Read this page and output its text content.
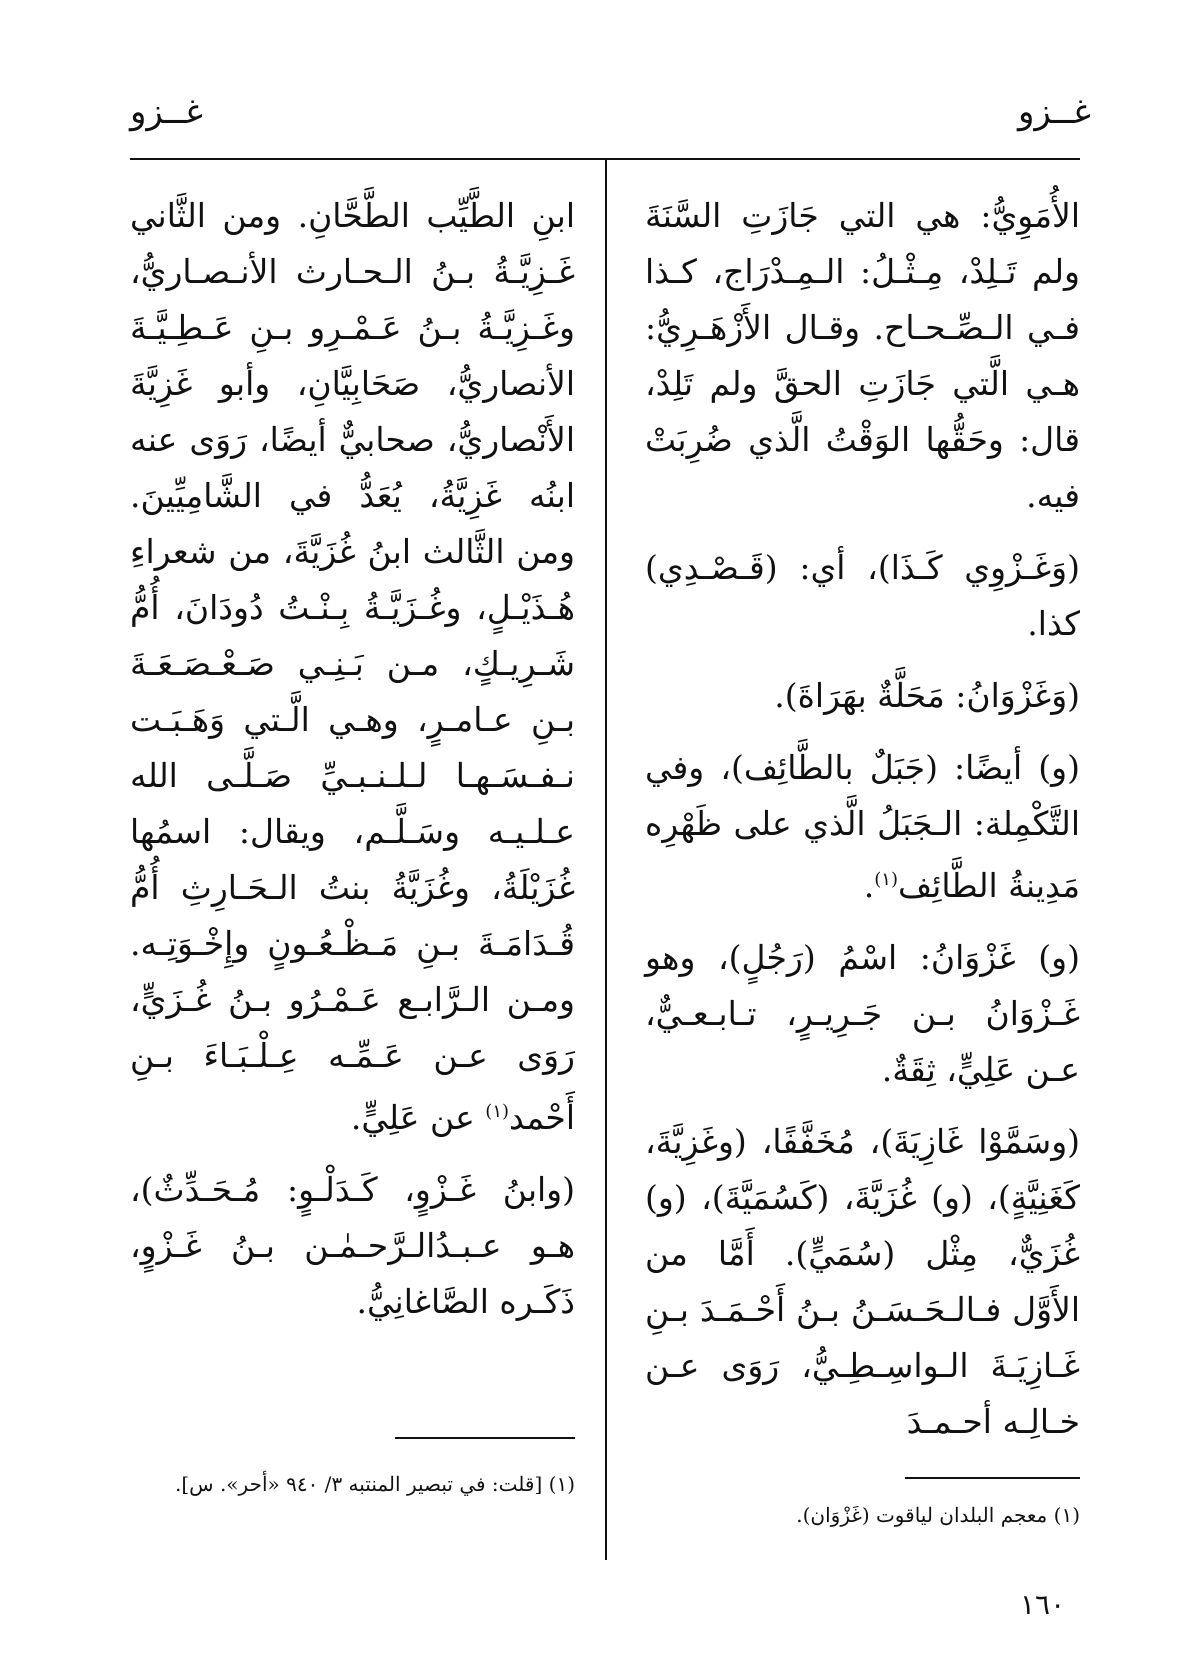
غــزو
غــزو

الأُمَوِيُّ: هي التي جَازَتِ السَّنَةَ ولم تَـلِدْ، مِـثْـلُ: الـمِـدْرَاج، كـذا فـي الـصِّـحـاح. وقـال الأَزْهَـرِيُّ: هـي الَّتي جَازَتِ الحقَّ ولم تَلِدْ، قال: وحَقُّها الوَقْتُ الَّذي ضُرِبَتْ فيه.

(وَغَـزْوِي كَـذَا)، أي: (قَـصْـدِي) كذا.

(وَغَزْوَانُ: مَحَلَّةٌ بهَرَاةَ).

(و) أيضًا: (جَبَلٌ بالطَّائِف)، وفي التَّكْمِلة: الـجَبَلُ الَّذي على ظَهْرِه مَدِينةُ الطَّائِف$^{(١)}$.

(و) غَزْوَانُ: اسْمُ (رَجُلٍ)، وهو غَـزْوَانُ بـن جَـرِيـرٍ، تـابـعـيٌّ، عـن عَلِيٍّ، ثِقَةٌ.

(وسَمَّوْا غَازِيَةَ)، مُخَفَّفًا، (وغَزِيَّةَ، كَغَنِيَّةٍ)، (و) غُزَيَّةَ، (كَسُمَيَّةَ)، (و) غُزَيٌّ، مِثْل (سُمَيٍّ). أَمَّا من الأَوَّل فـالـحَـسَـنُ بـنُ أَحْـمَـدَ بـنِ غَـازِيَـةَ الـواسِـطِـيُّ، رَوَى عـن خـالِـه أحـمـدَ

ابنِ الطَّيِّب الطَّحَّانِ. ومن الثَّاني غَـزِيَّـةُ بـنُ الـحـارث الأنـصـاريُّ، وغَـزِيَّـةُ بـنُ عَـمْـرِو بـنِ عَـطِـيَّـةَ الأنصاريُّ، صَحَابِيَّانِ، وأبو غَزِيَّةَ الأَنْصاريُّ، صحابيٌّ أيضًا، رَوَى عنه ابنُه غَزِيَّةُ، يُعَدُّ في الشَّامِيِّينَ. ومن الثَّالث ابنُ غُزَيَّةَ، من شعراءِ هُـذَيْـلٍ، وغُـزَيَّـةُ بِـنْـتُ دُودَانَ، أُمُّ شَـرِيـكٍ، مـن بَـنِـي صَـعْـصَـعَـةَ بـنِ عـامـرٍ، وهـي الَّـتي وَهَـبَـت نـفـسَـهـا لـلـنـبـيِّ صَـلَّـى الله عـلـيـه وسَـلَّـم، ويقال: اسمُها غُزَيْلَةُ، وغُزَيَّةُ بنتُ الـحَـارِثِ أُمُّ قُـدَامَـةَ بـنِ مَـظْـعُـونٍ وإِخْـوَتِـه. ومـن الـرَّابـع عَـمْـرُو بـنُ غُـزَيٍّ، رَوَى عـن عَـمِّـه عِـلْـبَـاءَ بـنِ أَحْمد$^{(١)}$ عن عَلِيٍّ.

(وابنُ غَـزْوٍ، كَـدَلْـوٍ: مُـحَـدِّثٌ)، هـو عـبـدُالـرَّحـمٰـن بـنُ غَـزْوٍ، ذَكَـره الصَّاغانِيُّ.

(١) معجم البلدان لياقوت (غَزْوَان).
(١) [قلت: في تبصير المنتبه ٣/ ٩٤٠ «أحر». س].
١٦٠
